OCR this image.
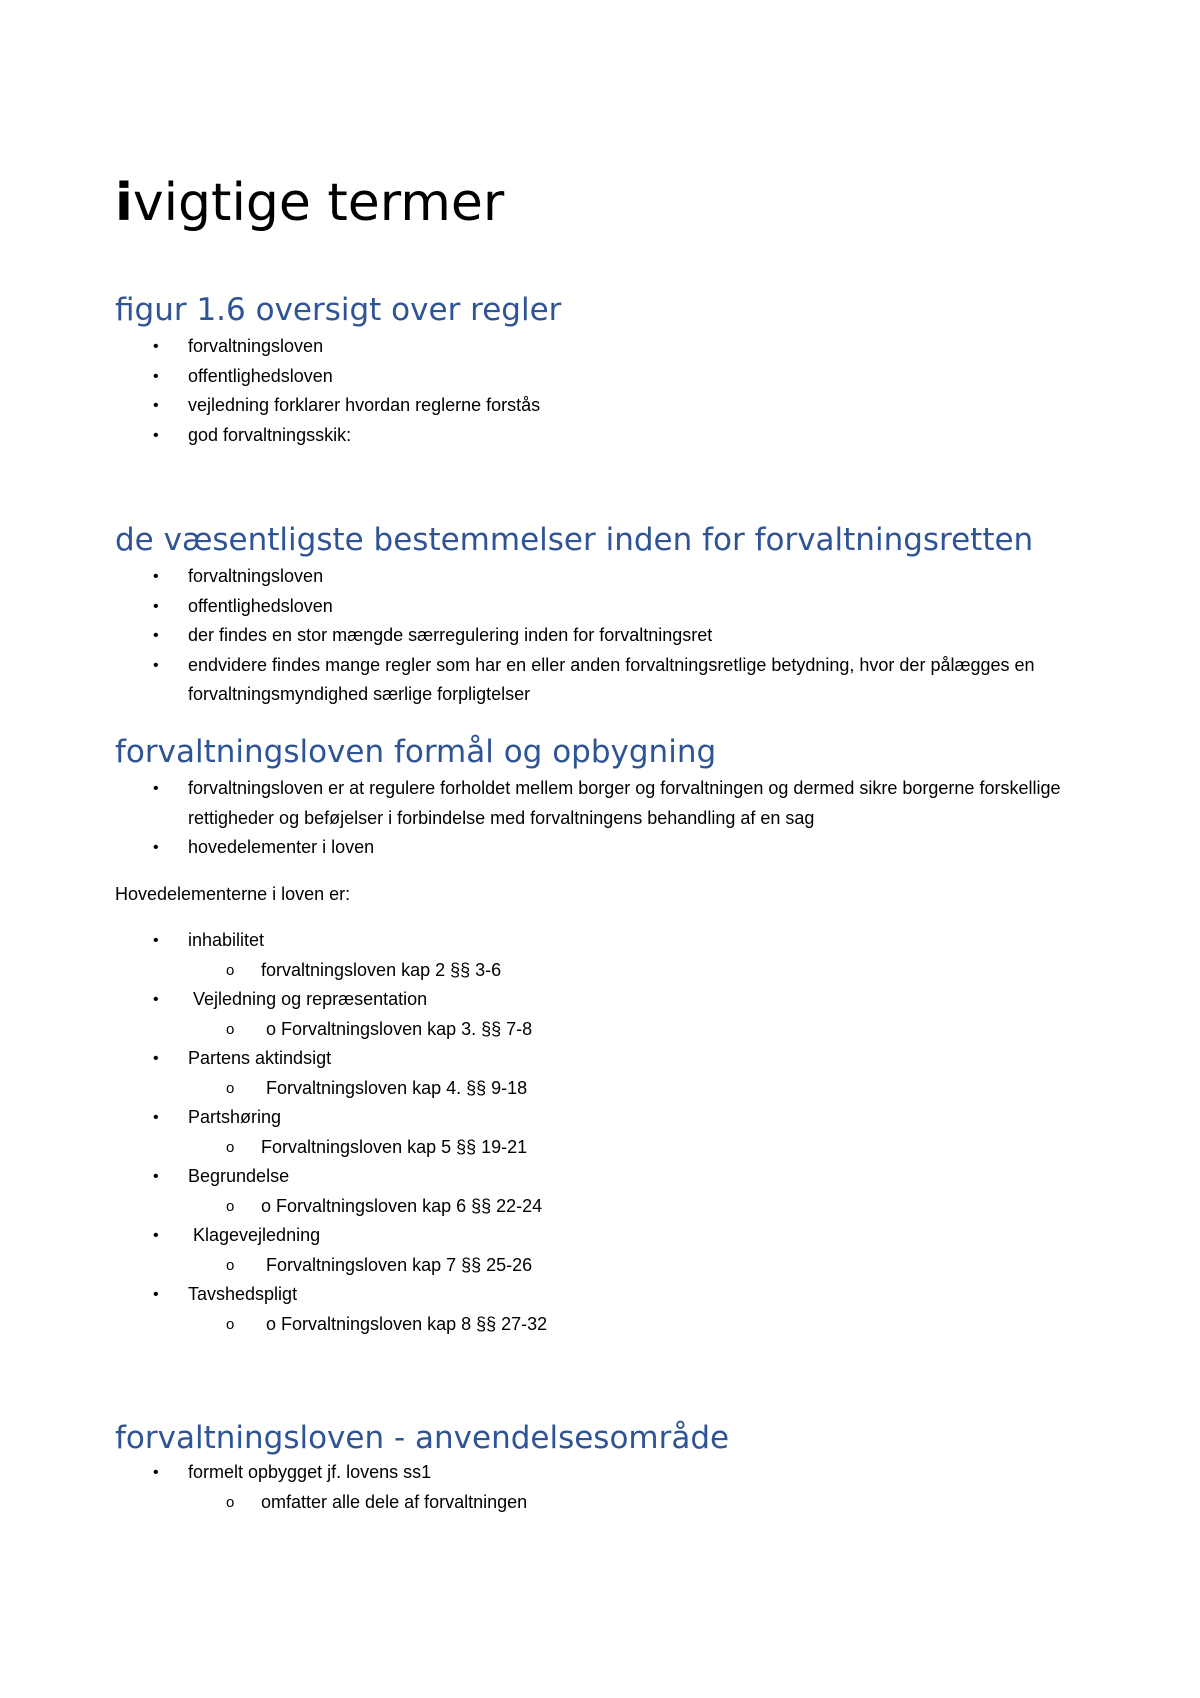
ivigtige termer
figur 1.6 oversigt over regler
• forvaltningsloven
• offentlighedsloven
• vejledning forklarer hvordan reglerne forstås
• god forvaltningsskik:
de væsentligste bestemmelser inden for forvaltningsretten
• forvaltningsloven
• offentlighedsloven
• der findes en stor mængde særregulering inden for forvaltningsret
• endvidere findes mange regler som har en eller anden forvaltningsretlige betydning, hvor der pålægges en forvaltningsmyndighed særlige forpligtelser
forvaltningsloven formål og opbygning
• forvaltningsloven er at regulere forholdet mellem borger og forvaltningen og dermed sikre borgerne forskellige rettigheder og beføjelser i forbindelse med forvaltningens behandling af en sag
• hovedelementer i loven

Hovedelementerne i loven er:

• inhabilitet
o forvaltningsloven kap 2 §§ 3-6
• Vejledning og repræsentation
o o Forvaltningsloven kap 3. §§ 7-8
• Partens aktindsigt
o Forvaltningsloven kap 4. §§ 9-18
• Partshøring
o Forvaltningsloven kap 5 §§ 19-21
• Begrundelse
o o Forvaltningsloven kap 6 §§ 22-24
• Klagevejledning
o Forvaltningsloven kap 7 §§ 25-26
• Tavshedspligt
o o Forvaltningsloven kap 8 §§ 27-32
forvaltningsloven - anvendelsesområde
• formelt opbygget jf. lovens ss1
o omfatter alle dele af forvaltningen
